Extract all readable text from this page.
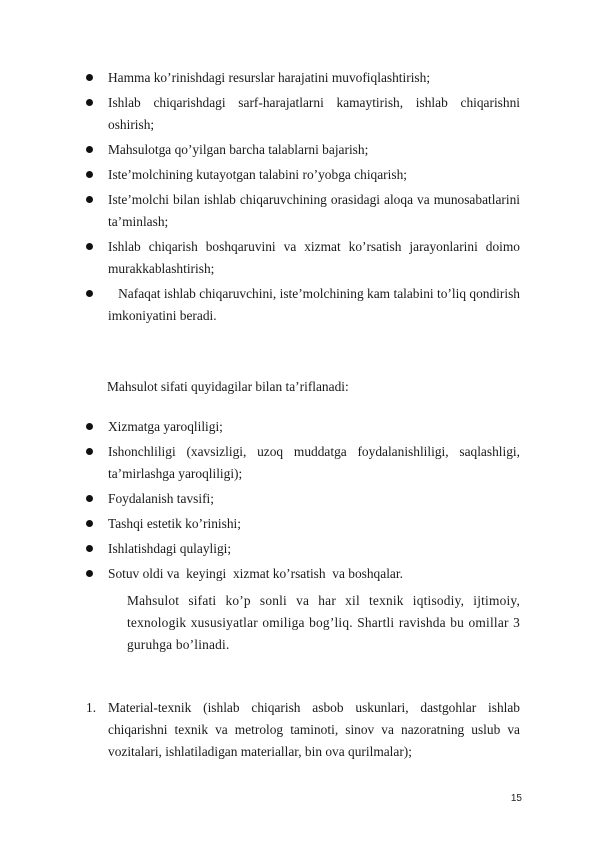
Hamma ko’rinishdagi resurslar harajatini muvofiqlashtirish;
Ishlab chiqarishdagi sarf-harajatlarni kamaytirish, ishlab chiqarishni oshirish;
Mahsulotga qo’yilgan barcha talablarni bajarish;
Iste’molchining kutayotgan talabini ro’yobga chiqarish;
Iste’molchi bilan ishlab chiqaruvchining orasidagi aloqa va munosabatlarini ta’minlash;
Ishlab chiqarish boshqaruvini va xizmat ko’rsatish jarayonlarini doimo murakkablashtirish;
Nafaqat ishlab chiqaruvchini, iste’molchining kam talabini to’liq qondirish imkoniyatini beradi.
Mahsulot sifati quyidagilar bilan ta’riflanadi:
Xizmatga yaroqliligi;
Ishonchliligi (xavsizligi, uzoq muddatga foydalanishliligi, saqlashligi, ta’mirlashga yaroqliligi);
Foydalanish tavsifi;
Tashqi estetik ko’rinishi;
Ishlatishdagi qulayligi;
Sotuv oldi va  keyingi  xizmat ko’rsatish  va boshqalar.
Mahsulot sifati ko’p sonli va har xil texnik iqtisodiy, ijtimoiy, texnologik xususiyatlar omiliga bog’liq. Shartli ravishda bu omillar 3 guruhga bo’linadi.
1. Material-texnik (ishlab chiqarish asbob uskunlari, dastgohlar ishlab chiqarishni texnik va metrolog taminoti, sinov va nazoratning uslub va vozitalari, ishlatiladigan materiallar, bin ova qurilmalar);
15
